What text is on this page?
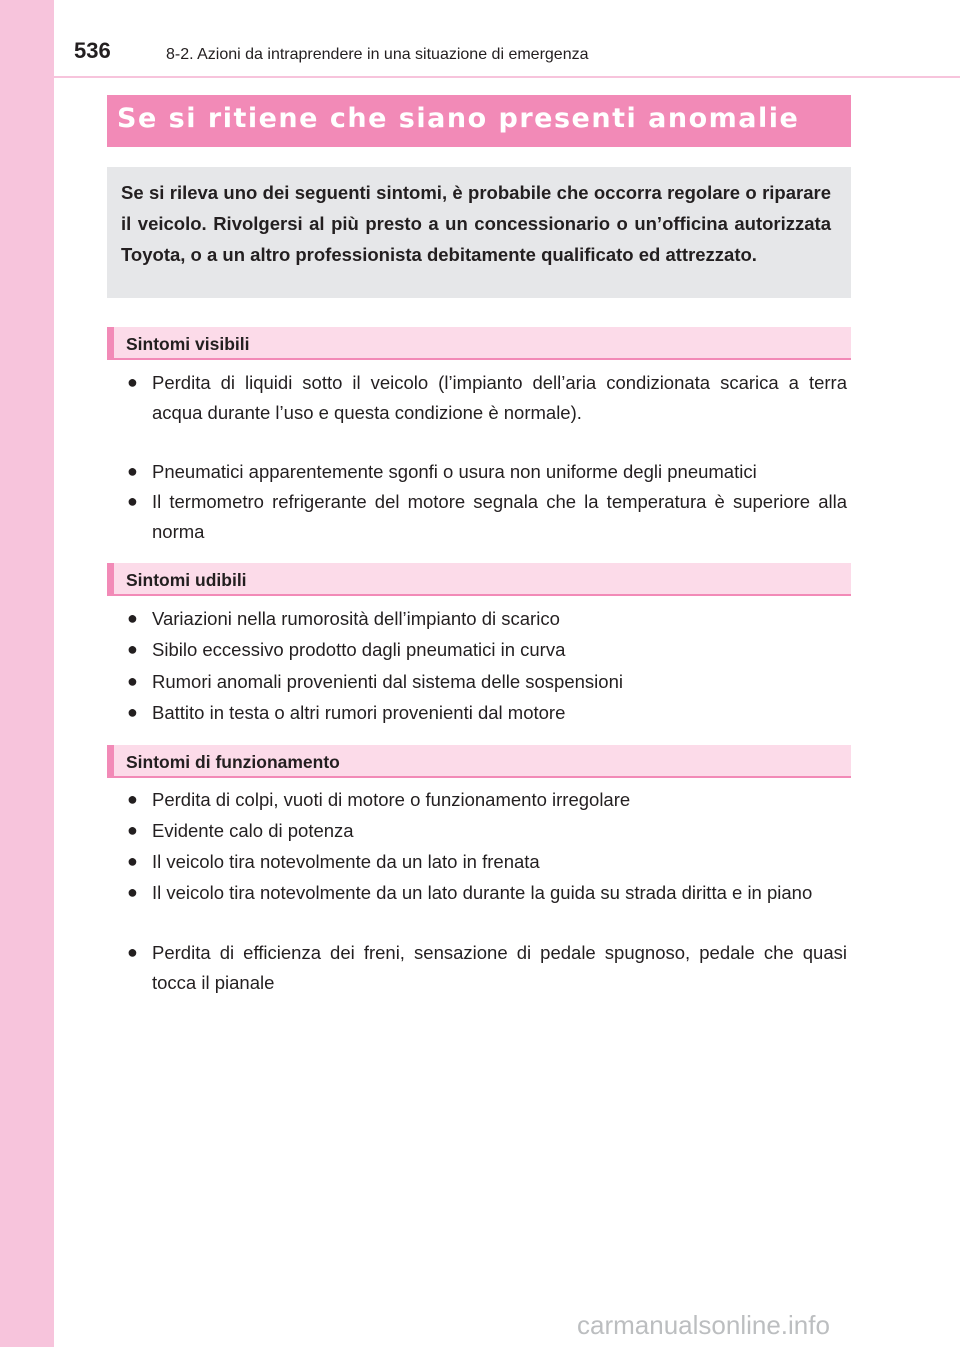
536	8-2. Azioni da intraprendere in una situazione di emergenza
Se si ritiene che siano presenti anomalie
Se si rileva uno dei seguenti sintomi, è probabile che occorra regolare o riparare il veicolo. Rivolgersi al più presto a un concessionario o un’officina autorizzata Toyota, o a un altro professionista debitamente qualificato ed attrezzato.
Sintomi visibili
● Perdita di liquidi sotto il veicolo (l’impianto dell’aria condizionata scarica a terra acqua durante l’uso e questa condizione è normale).
● Pneumatici apparentemente sgonfi o usura non uniforme degli pneumatici
● Il termometro refrigerante del motore segnala che la temperatura è superiore alla norma
Sintomi udibili
● Variazioni nella rumorosità dell’impianto di scarico
● Sibilo eccessivo prodotto dagli pneumatici in curva
● Rumori anomali provenienti dal sistema delle sospensioni
● Battito in testa o altri rumori provenienti dal motore
Sintomi di funzionamento
● Perdita di colpi, vuoti di motore o funzionamento irregolare
● Evidente calo di potenza
● Il veicolo tira notevolmente da un lato in frenata
● Il veicolo tira notevolmente da un lato durante la guida su strada diritta e in piano
● Perdita di efficienza dei freni, sensazione di pedale spugnoso, pedale che quasi tocca il pianale
carmanualsonline.info
